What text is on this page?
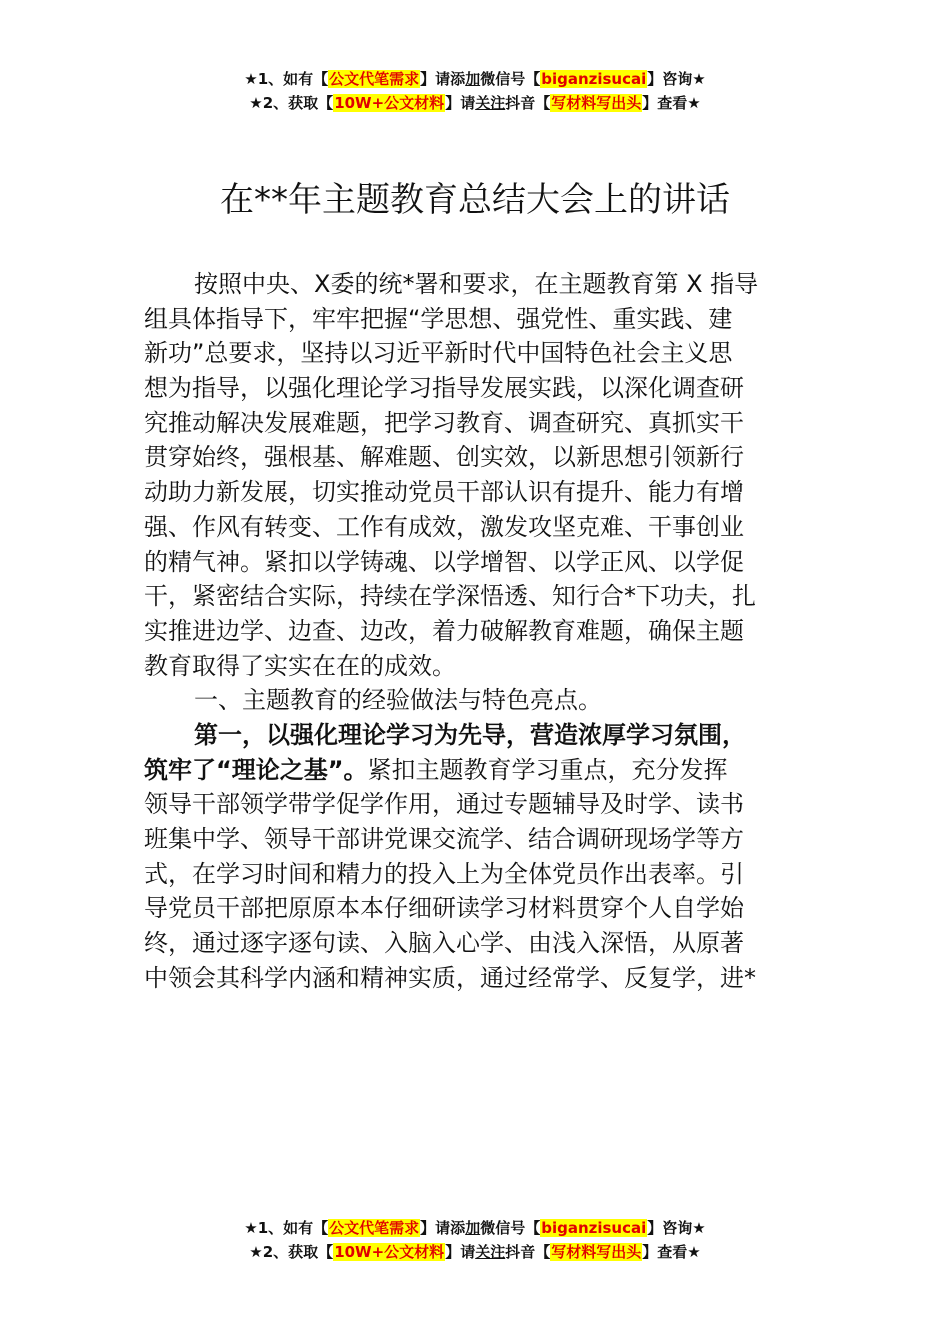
★1、如有【公文代笔需求】请添加微信号【biganzisucai】咨询★
★2、获取【10W+公文材料】请关注抖音【写材料写出头】查看★
在**年主题教育总结大会上的讲话
按照中央、X委的统*署和要求，在主题教育第 X 指导
组具体指导下，牢牢把握“学思想、强党性、重实践、建
新功”总要求，坚持以习近平新时代中国特色社会主义思
想为指导，以强化理论学习指导发展实践，以深化调查研
究推动解决发展难题，把学习教育、调查研究、真抓实干
贯穿始终，强根基、解难题、创实效，以新思想引领新行
动助力新发展，切实推动党员干部认识有提升、能力有增
强、作风有转变、工作有成效，激发攻坚克难、干事创业
的精气神。紧扣以学铸魂、以学增智、以学正风、以学促
干，紧密结合实际，持续在学深悟透、知行合*下功夫，扎
实推进边学、边查、边改，着力破解教育难题，确保主题
教育取得了实实在在的成效。
一、主题教育的经验做法与特色亮点。
第一，以强化理论学习为先导，营造浓厚学习氛围，
筑牢了“理论之基”。紧扣主题教育学习重点，充分发挥
领导干部领学带学促学作用，通过专题辅导及时学、读书
班集中学、领导干部讲党课交流学、结合调研现场学等方
式，在学习时间和精力的投入上为全体党员作出表率。引
导党员干部把原原本本仔细研读学习材料贯穿个人自学始
终，通过逐字逐句读、入脑入心学、由浅入深悟，从原著
中领会其科学内涵和精神实质，通过经常学、反复学，进*
★1、如有【公文代笔需求】请添加微信号【biganzisucai】咨询★
★2、获取【10W+公文材料】请关注抖音【写材料写出头】查看★
